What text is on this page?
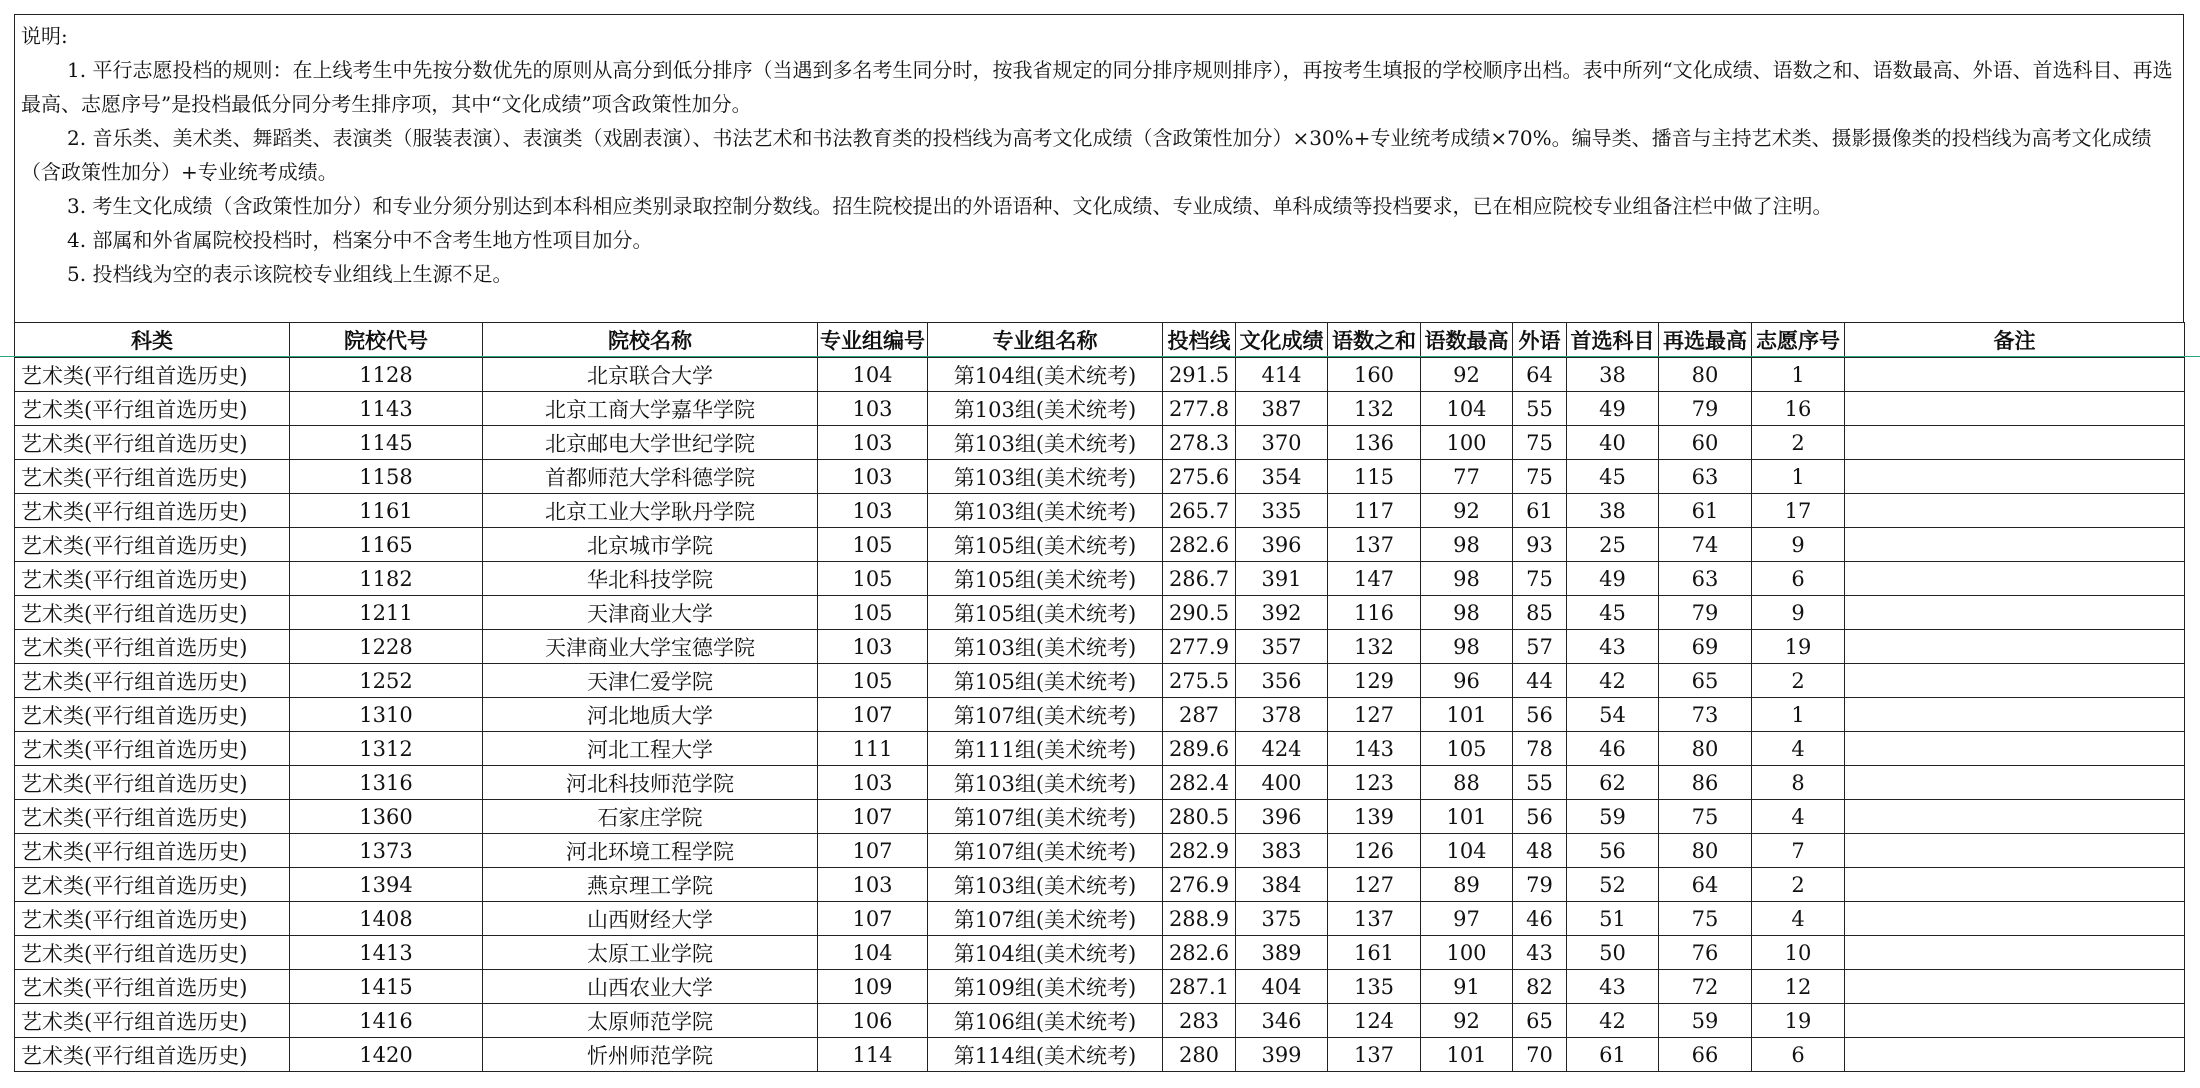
说明:

1. 平行志愿投档的规则：在上线考生中先按分数优先的原则从高分到低分排序（当遇到多名考生同分时，按我省规定的同分排序规则排序），再按考生填报的学校顺序出档。表中所列“文化成绩、语数之和、语数最高、外语、首选科目、再选最高、志愿序号”是投档最低分同分考生排序项，其中“文化成绩”项含政策性加分。

2. 音乐类、美术类、舞蹈类、表演类（服装表演）、表演类（戏剧表演）、书法艺术和书法教育类的投档线为高考文化成绩（含政策性加分）×30%+专业统考成绩×70%。编导类、播音与主持艺术类、摄影摄像类的投档线为高考文化成绩（含政策性加分）+专业统考成绩。

3. 考生文化成绩（含政策性加分）和专业分须分别达到本科相应类别录取控制分数线。招生院校提出的外语语种、文化成绩、专业成绩、单科成绩等投档要求，已在相应院校专业组备注栏中做了注明。

4. 部属和外省属院校投档时，档案分中不含考生地方性项目加分。

5. 投档线为空的表示该院校专业组线上生源不足。

科类	院校代号	院校名称	专业组编号	专业组名称	投档线	文化成绩	语数之和	语数最高	外语	首选科目	再选最高	志愿序号	备注
艺术类(平行组首选历史)	1128	北京联合大学	104	第104组(美术统考)	291.5	414	160	92	64	38	80	1	
艺术类(平行组首选历史)	1143	北京工商大学嘉华学院	103	第103组(美术统考)	277.8	387	132	104	55	49	79	16	
艺术类(平行组首选历史)	1145	北京邮电大学世纪学院	103	第103组(美术统考)	278.3	370	136	100	75	40	60	2	
艺术类(平行组首选历史)	1158	首都师范大学科德学院	103	第103组(美术统考)	275.6	354	115	77	75	45	63	1	
艺术类(平行组首选历史)	1161	北京工业大学耿丹学院	103	第103组(美术统考)	265.7	335	117	92	61	38	61	17	
艺术类(平行组首选历史)	1165	北京城市学院	105	第105组(美术统考)	282.6	396	137	98	93	25	74	9	
艺术类(平行组首选历史)	1182	华北科技学院	105	第105组(美术统考)	286.7	391	147	98	75	49	63	6	
艺术类(平行组首选历史)	1211	天津商业大学	105	第105组(美术统考)	290.5	392	116	98	85	45	79	9	
艺术类(平行组首选历史)	1228	天津商业大学宝德学院	103	第103组(美术统考)	277.9	357	132	98	57	43	69	19	
艺术类(平行组首选历史)	1252	天津仁爱学院	105	第105组(美术统考)	275.5	356	129	96	44	42	65	2	
艺术类(平行组首选历史)	1310	河北地质大学	107	第107组(美术统考)	287	378	127	101	56	54	73	1	
艺术类(平行组首选历史)	1312	河北工程大学	111	第111组(美术统考)	289.6	424	143	105	78	46	80	4	
艺术类(平行组首选历史)	1316	河北科技师范学院	103	第103组(美术统考)	282.4	400	123	88	55	62	86	8	
艺术类(平行组首选历史)	1360	石家庄学院	107	第107组(美术统考)	280.5	396	139	101	56	59	75	4	
艺术类(平行组首选历史)	1373	河北环境工程学院	107	第107组(美术统考)	282.9	383	126	104	48	56	80	7	
艺术类(平行组首选历史)	1394	燕京理工学院	103	第103组(美术统考)	276.9	384	127	89	79	52	64	2	
艺术类(平行组首选历史)	1408	山西财经大学	107	第107组(美术统考)	288.9	375	137	97	46	51	75	4	
艺术类(平行组首选历史)	1413	太原工业学院	104	第104组(美术统考)	282.6	389	161	100	43	50	76	10	
艺术类(平行组首选历史)	1415	山西农业大学	109	第109组(美术统考)	287.1	404	135	91	82	43	72	12	
艺术类(平行组首选历史)	1416	太原师范学院	106	第106组(美术统考)	283	346	124	92	65	42	59	19	
艺术类(平行组首选历史)	1420	忻州师范学院	114	第114组(美术统考)	280	399	137	101	70	61	66	6	
